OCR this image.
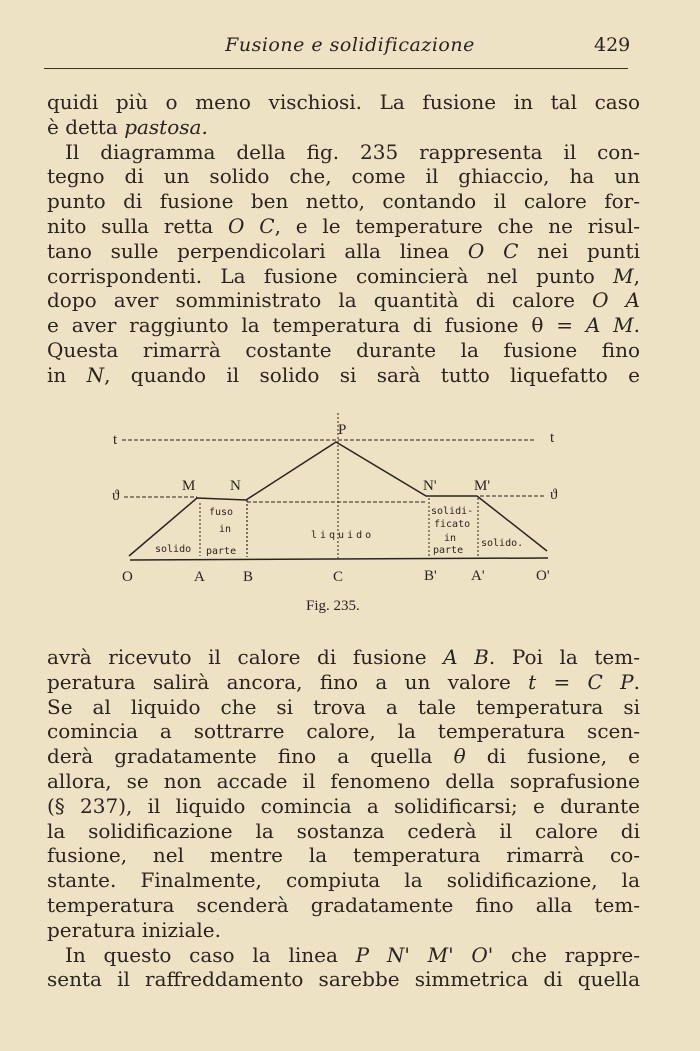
Fusione e solidificazione	429
quidi più o meno vischiosi. La fusione in tal caso
è detta pastosa.
Il diagramma della fig. 235 rappresenta il con-
tegno di un solido che, come il ghiaccio, ha un
punto di fusione ben netto, contando il calore for-
nito sulla retta O C, e le temperature che ne risul-
tano sulle perpendicolari alla linea O C nei punti
corrispondenti. La fusione comincierà nel punto M,
dopo aver somministrato la quantità di calore O A
e aver raggiunto la temperatura di fusione θ = A M.
Questa rimarrà costante durante la fusione fino
in N, quando il solido si sarà tutto liquefatto e
t	t
ϑ	ϑ
P
M N	N' M'
O	A	B	C	B' A'	O'
solido
fuso
in
parte
liquido
solidi-
ficato
in
parte
solido.
Fig. 235.
avrà ricevuto il calore di fusione A B. Poi la tem-
peratura salirà ancora, fino a un valore t = C P.
Se al liquido che si trova a tale temperatura si
comincia a sottrarre calore, la temperatura scen-
derà gradatamente fino a quella θ di fusione, e
allora, se non accade il fenomeno della soprafusione
(§ 237), il liquido comincia a solidificarsi; e durante
la solidificazione la sostanza cederà il calore di
fusione, nel mentre la temperatura rimarrà co-
stante. Finalmente, compiuta la solidificazione, la
temperatura scenderà gradatamente fino alla tem-
peratura iniziale.
In questo caso la linea P N' M' O' che rappre-
senta il raffreddamento sarebbe simmetrica di quella
